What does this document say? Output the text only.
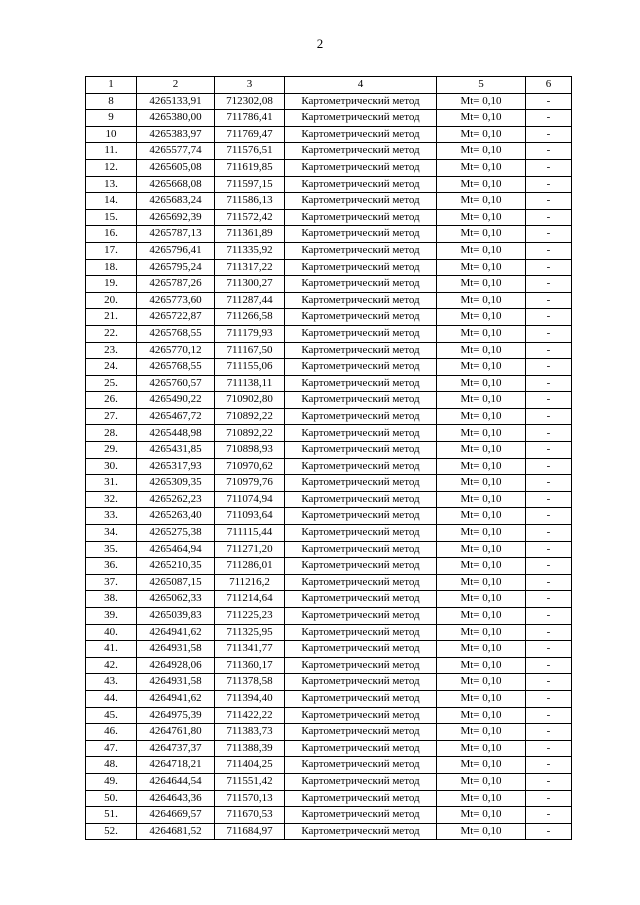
2
1	2	3	4	5	6
8	4265133,91	712302,08	Картометрический метод	Mt= 0,10	-
9	4265380,00	711786,41	Картометрический метод	Mt= 0,10	-
10	4265383,97	711769,47	Картометрический метод	Mt= 0,10	-
11.	4265577,74	711576,51	Картометрический метод	Mt= 0,10	-
12.	4265605,08	711619,85	Картометрический метод	Mt= 0,10	-
13.	4265668,08	711597,15	Картометрический метод	Mt= 0,10	-
14.	4265683,24	711586,13	Картометрический метод	Mt= 0,10	-
15.	4265692,39	711572,42	Картометрический метод	Mt= 0,10	-
16.	4265787,13	711361,89	Картометрический метод	Mt= 0,10	-
17.	4265796,41	711335,92	Картометрический метод	Mt= 0,10	-
18.	4265795,24	711317,22	Картометрический метод	Mt= 0,10	-
19.	4265787,26	711300,27	Картометрический метод	Mt= 0,10	-
20.	4265773,60	711287,44	Картометрический метод	Mt= 0,10	-
21.	4265722,87	711266,58	Картометрический метод	Mt= 0,10	-
22.	4265768,55	711179,93	Картометрический метод	Mt= 0,10	-
23.	4265770,12	711167,50	Картометрический метод	Mt= 0,10	-
24.	4265768,55	711155,06	Картометрический метод	Mt= 0,10	-
25.	4265760,57	711138,11	Картометрический метод	Mt= 0,10	-
26.	4265490,22	710902,80	Картометрический метод	Mt= 0,10	-
27.	4265467,72	710892,22	Картометрический метод	Mt= 0,10	-
28.	4265448,98	710892,22	Картометрический метод	Mt= 0,10	-
29.	4265431,85	710898,93	Картометрический метод	Mt= 0,10	-
30.	4265317,93	710970,62	Картометрический метод	Mt= 0,10	-
31.	4265309,35	710979,76	Картометрический метод	Mt= 0,10	-
32.	4265262,23	711074,94	Картометрический метод	Mt= 0,10	-
33.	4265263,40	711093,64	Картометрический метод	Mt= 0,10	-
34.	4265275,38	711115,44	Картометрический метод	Mt= 0,10	-
35.	4265464,94	711271,20	Картометрический метод	Mt= 0,10	-
36.	4265210,35	711286,01	Картометрический метод	Mt= 0,10	-
37.	4265087,15	711216,2	Картометрический метод	Mt= 0,10	-
38.	4265062,33	711214,64	Картометрический метод	Mt= 0,10	-
39.	4265039,83	711225,23	Картометрический метод	Mt= 0,10	-
40.	4264941,62	711325,95	Картометрический метод	Mt= 0,10	-
41.	4264931,58	711341,77	Картометрический метод	Mt= 0,10	-
42.	4264928,06	711360,17	Картометрический метод	Mt= 0,10	-
43.	4264931,58	711378,58	Картометрический метод	Mt= 0,10	-
44.	4264941,62	711394,40	Картометрический метод	Mt= 0,10	-
45.	4264975,39	711422,22	Картометрический метод	Mt= 0,10	-
46.	4264761,80	711383,73	Картометрический метод	Mt= 0,10	-
47.	4264737,37	711388,39	Картометрический метод	Mt= 0,10	-
48.	4264718,21	711404,25	Картометрический метод	Mt= 0,10	-
49.	4264644,54	711551,42	Картометрический метод	Mt= 0,10	-
50.	4264643,36	711570,13	Картометрический метод	Mt= 0,10	-
51.	4264669,57	711670,53	Картометрический метод	Mt= 0,10	-
52.	4264681,52	711684,97	Картометрический метод	Mt= 0,10	-
